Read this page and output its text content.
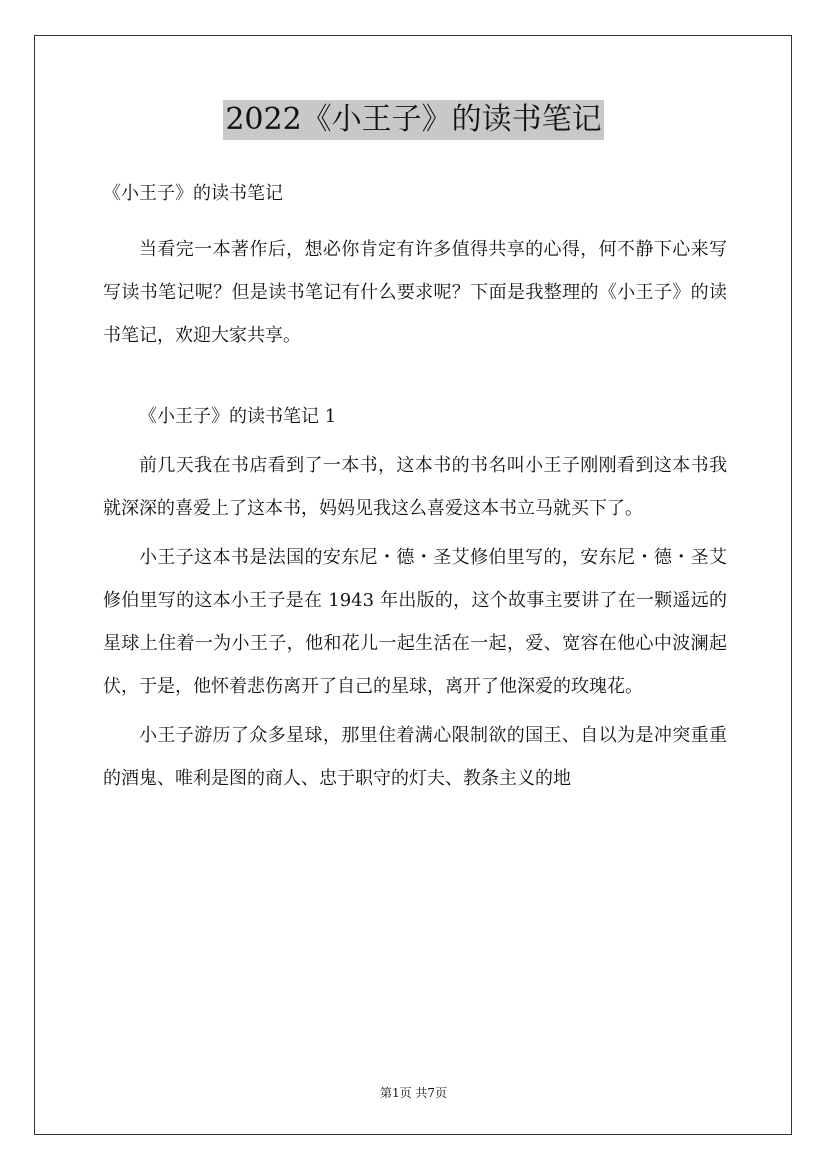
2022《小王子》的读书笔记
《小王子》的读书笔记

当看完一本著作后，想必你肯定有许多值得共享的心得，何不静下心来写写读书笔记呢？但是读书笔记有什么要求呢？下面是我整理的《小王子》的读书笔记，欢迎大家共享。

《小王子》的读书笔记 1

前几天我在书店看到了一本书，这本书的书名叫小王子刚刚看到这本书我就深深的喜爱上了这本书，妈妈见我这么喜爱这本书立马就买下了。

小王子这本书是法国的安东尼・德・圣艾修伯里写的，安东尼・德・圣艾修伯里写的这本小王子是在 1943 年出版的，这个故事主要讲了在一颗遥远的星球上住着一为小王子，他和花儿一起生活在一起，爱、宽容在他心中波澜起伏，于是，他怀着悲伤离开了自己的星球，离开了他深爱的玫瑰花。

小王子游历了众多星球，那里住着满心限制欲的国王、自以为是冲突重重的酒鬼、唯利是图的商人、忠于职守的灯夫、教条主义的地

第1页 共7页
